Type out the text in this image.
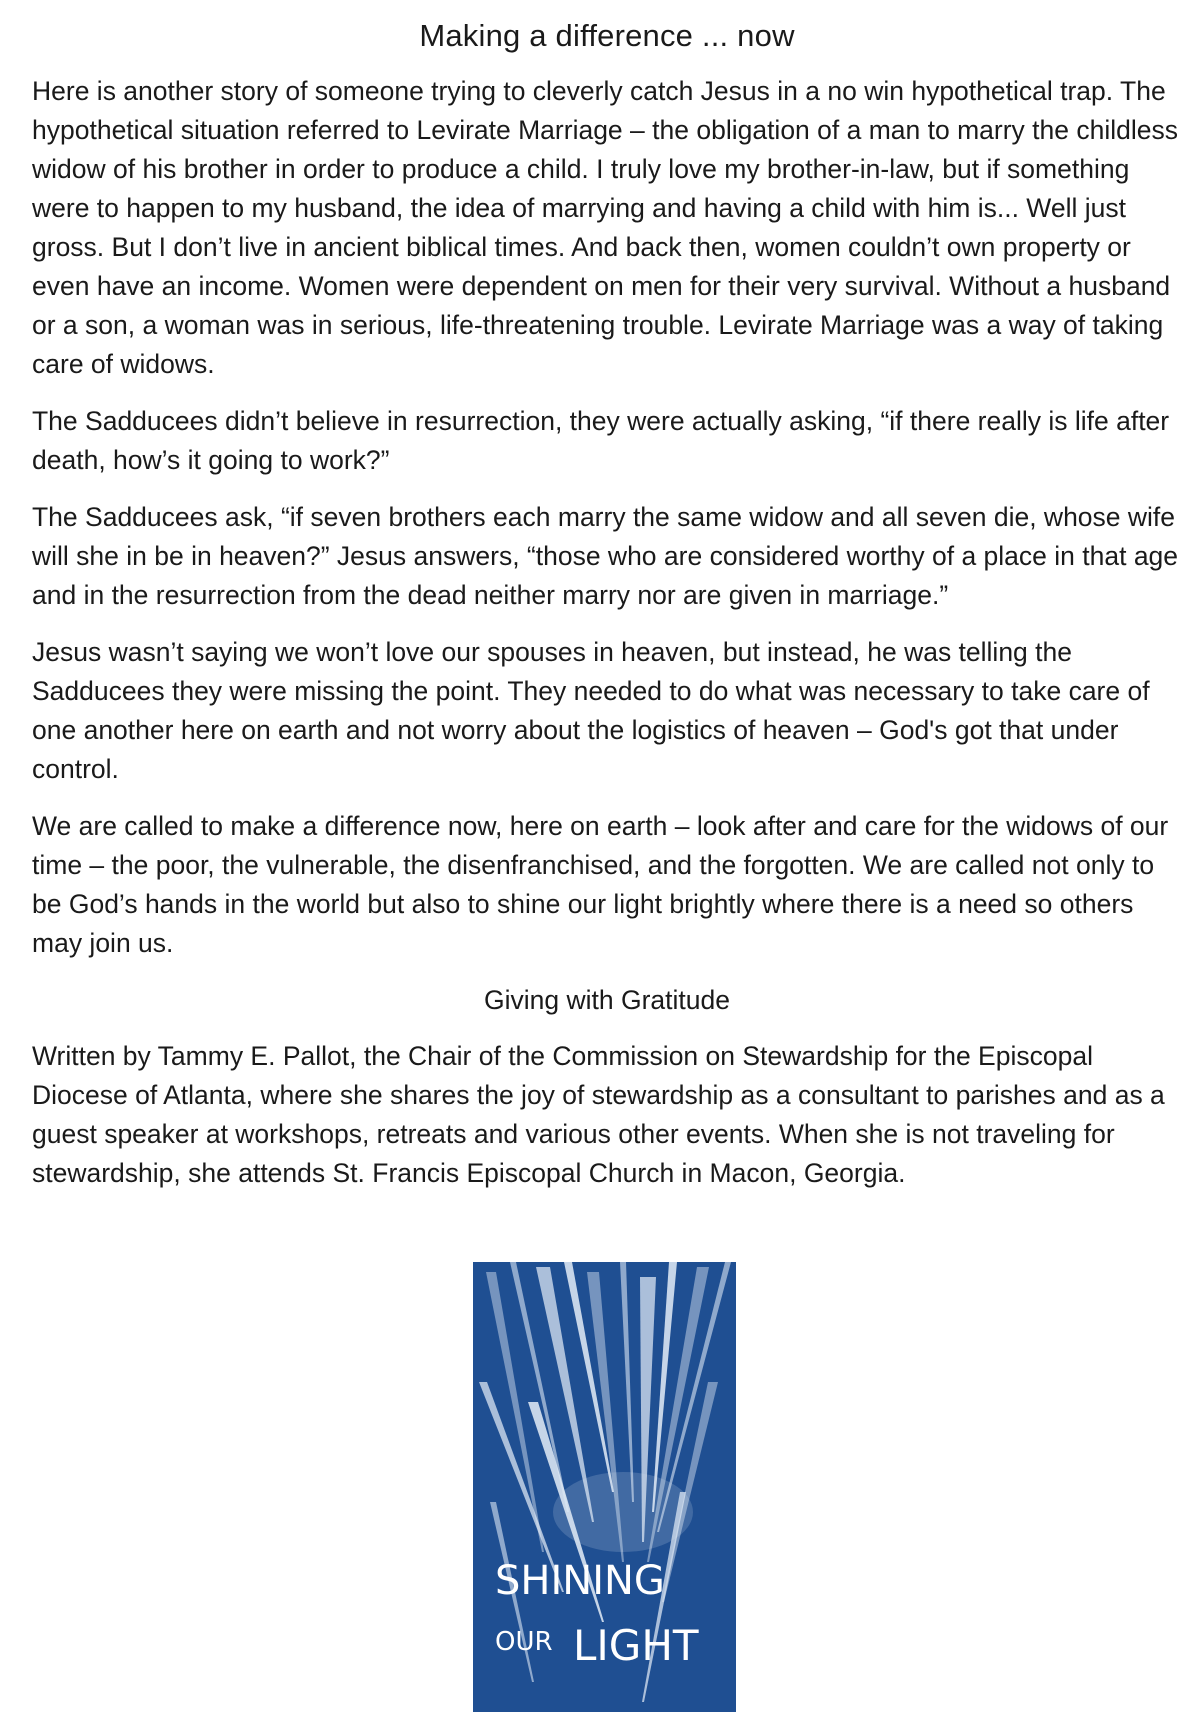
Making a difference ... now

Here is another story of someone trying to cleverly catch Jesus in a no win hypothetical trap. The hypothetical situation referred to Levirate Marriage – the obligation of a man to marry the childless widow of his brother in order to produce a child. I truly love my brother-in-law, but if something were to happen to my husband, the idea of marrying and having a child with him is... Well just gross. But I don’t live in ancient biblical times. And back then, women couldn’t own property or even have an income. Women were dependent on men for their very survival. Without a husband or a son, a woman was in serious, life-threatening trouble. Levirate Marriage was a way of taking care of widows.

The Sadducees didn’t believe in resurrection, they were actually asking, “if there really is life after death, how’s it going to work?”

The Sadducees ask, “if seven brothers each marry the same widow and all seven die, whose wife will she in be in heaven?” Jesus answers, “those who are considered worthy of a place in that age and in the resurrection from the dead neither marry nor are given in marriage.”

Jesus wasn’t saying we won’t love our spouses in heaven, but instead, he was telling the Sadducees they were missing the point. They needed to do what was necessary to take care of one another here on earth and not worry about the logistics of heaven – God's got that under control.

We are called to make a difference now, here on earth – look after and care for the widows of our time – the poor, the vulnerable, the disenfranchised, and the forgotten. We are called not only to be God’s hands in the world but also to shine our light brightly where there is a need so others may join us.

Giving with Gratitude

Written by Tammy E. Pallot, the Chair of the Commission on Stewardship for the Episcopal Diocese of Atlanta, where she shares the joy of stewardship as a consultant to parishes and as a guest speaker at workshops, retreats and various other events. When she is not traveling for stewardship, she attends St. Francis Episcopal Church in Macon, Georgia.

SHINING
OUR LIGHT
